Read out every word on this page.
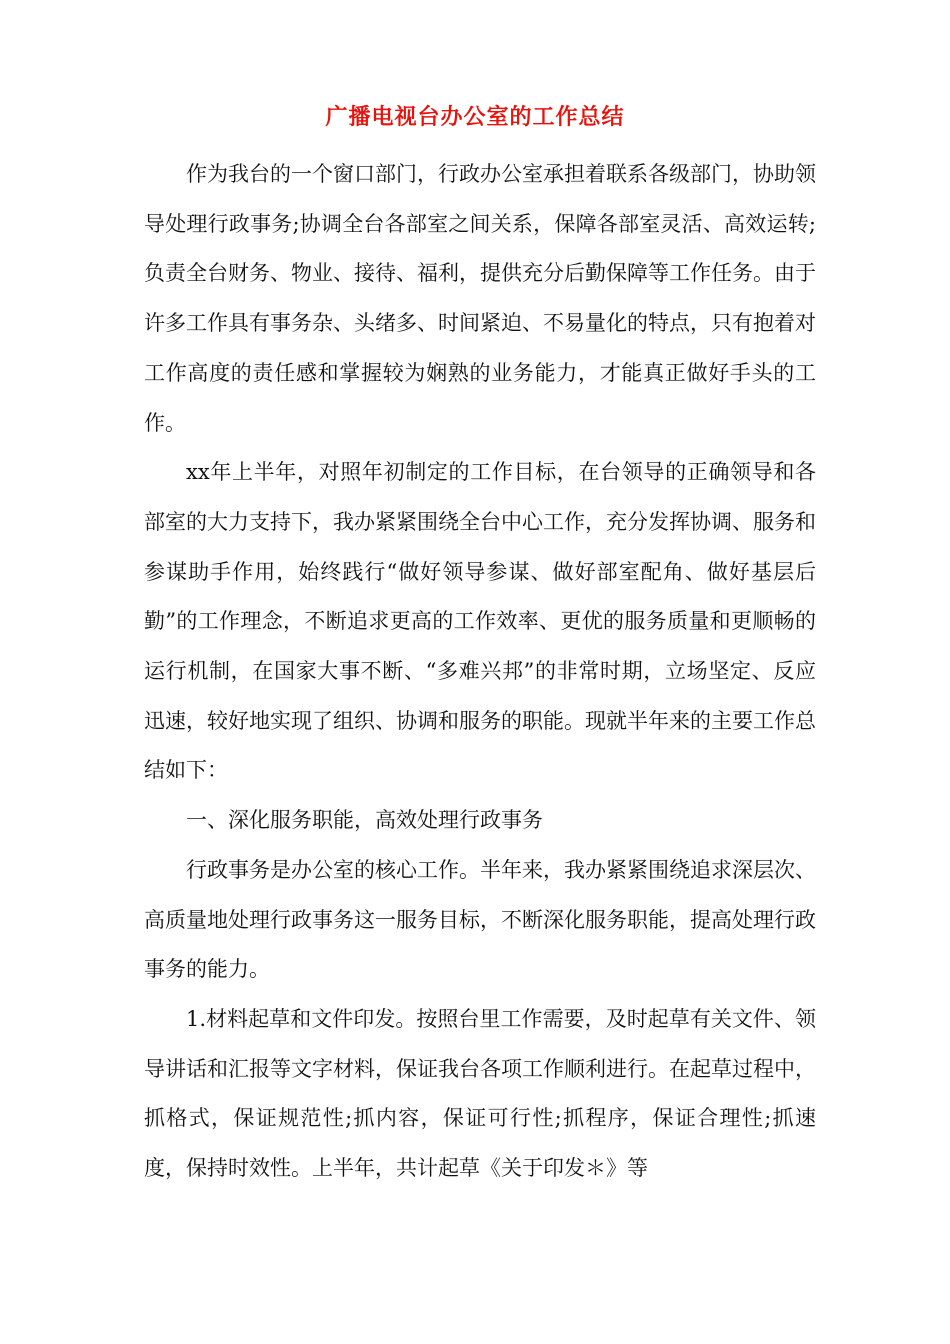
广播电视台办公室的工作总结

作为我台的一个窗口部门，行政办公室承担着联系各级部门，协助领导处理行政事务;协调全台各部室之间关系，保障各部室灵活、高效运转;负责全台财务、物业、接待、福利，提供充分后勤保障等工作任务。由于许多工作具有事务杂、头绪多、时间紧迫、不易量化的特点，只有抱着对工作高度的责任感和掌握较为娴熟的业务能力，才能真正做好手头的工作。

xx年上半年，对照年初制定的工作目标，在台领导的正确领导和各部室的大力支持下，我办紧紧围绕全台中心工作，充分发挥协调、服务和参谋助手作用，始终践行“做好领导参谋、做好部室配角、做好基层后勤”的工作理念，不断追求更高的工作效率、更优的服务质量和更顺畅的运行机制，在国家大事不断、“多难兴邦”的非常时期，立场坚定、反应迅速，较好地实现了组织、协调和服务的职能。现就半年来的主要工作总结如下：

一、深化服务职能，高效处理行政事务

行政事务是办公室的核心工作。半年来，我办紧紧围绕追求深层次、高质量地处理行政事务这一服务目标，不断深化服务职能，提高处理行政事务的能力。

1.材料起草和文件印发。按照台里工作需要，及时起草有关文件、领导讲话和汇报等文字材料，保证我台各项工作顺利进行。在起草过程中，抓格式，保证规范性;抓内容，保证可行性;抓程序，保证合理性;抓速度，保持时效性。上半年，共计起草《关于印发＊》等
